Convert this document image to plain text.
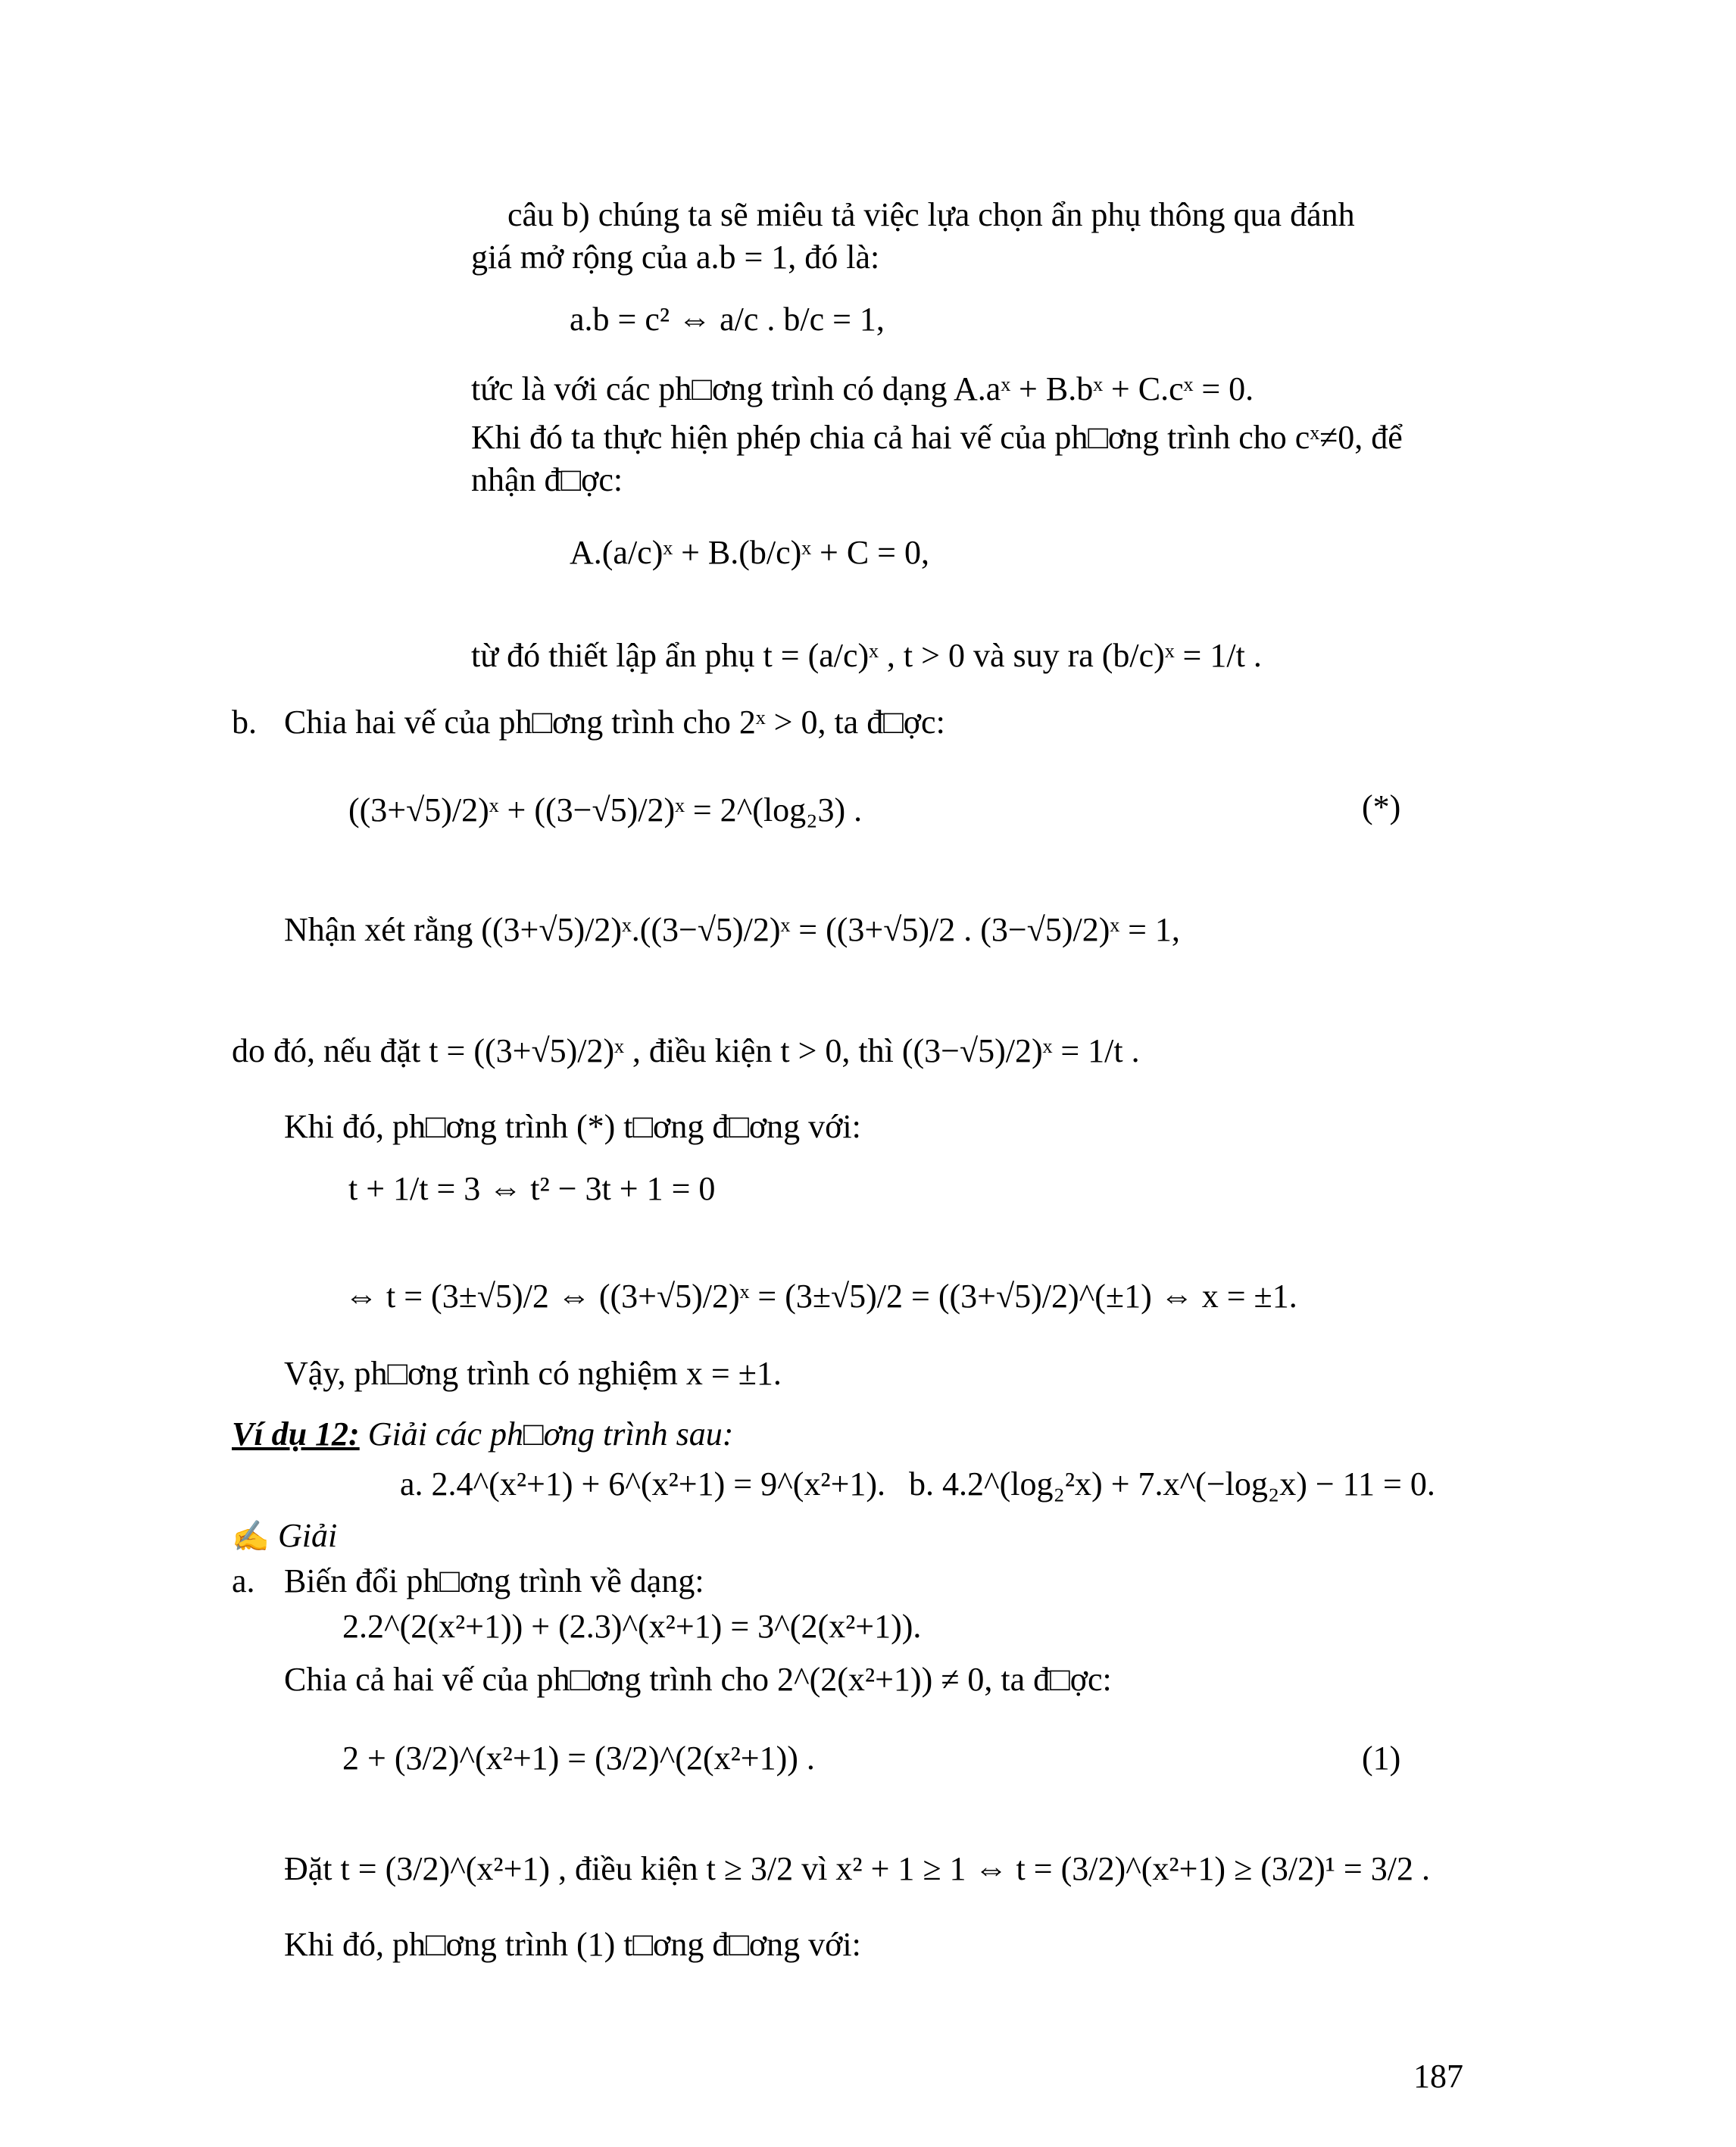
câu b) chúng ta sẽ miêu tả việc lựa chọn ẩn phụ thông qua đánh
giá mở rộng của a.b = 1, đó là:
a.b = c² ⇔ a/c . b/c = 1,
tức là với các ph□ơng trình có dạng A.aˣ + B.bˣ + C.cˣ = 0.
Khi đó ta thực hiện phép chia cả hai vế của ph□ơng trình cho cˣ≠0, để
nhận đ□ợc:
A.(a/c)ˣ + B.(b/c)ˣ + C = 0,
từ đó thiết lập ẩn phụ t = (a/c)ˣ , t > 0 và suy ra (b/c)ˣ = 1/t .
b. Chia hai vế của ph□ơng trình cho 2ˣ > 0, ta đ□ợc:
((3+√5)/2)ˣ + ((3−√5)/2)ˣ = 2^(log₂3) .	(*)
Nhận xét rằng ((3+√5)/2)ˣ.((3−√5)/2)ˣ = ((3+√5)/2 . (3−√5)/2)ˣ = 1,
do đó, nếu đặt t = ((3+√5)/2)ˣ , điều kiện t > 0, thì ((3−√5)/2)ˣ = 1/t .
Khi đó, ph□ơng trình (*) t□ơng đ□ơng với:
t + 1/t = 3 ⇔ t² − 3t + 1 = 0
⇔ t = (3±√5)/2 ⇔ ((3+√5)/2)ˣ = (3±√5)/2 = ((3+√5)/2)^(±1) ⇔ x = ±1.
Vậy, ph□ơng trình có nghiệm x = ±1.
Ví dụ 12: Giải các ph□ơng trình sau:
a. 2.4^(x²+1) + 6^(x²+1) = 9^(x²+1). b. 4.2^(log₂²x) + 7.x^(−log₂x) − 11 = 0.
✍ Giải
a. Biến đổi ph□ơng trình về dạng:
2.2^(2(x²+1)) + (2.3)^(x²+1) = 3^(2(x²+1)).
Chia cả hai vế của ph□ơng trình cho 2^(2(x²+1)) ≠ 0, ta đ□ợc:
2 + (3/2)^(x²+1) = (3/2)^(2(x²+1)) .	(1)
Đặt t = (3/2)^(x²+1) , điều kiện t ≥ 3/2 vì x² + 1 ≥ 1 ⇔ t = (3/2)^(x²+1) ≥ (3/2)¹ = 3/2 .
Khi đó, ph□ơng trình (1) t□ơng đ□ơng với:
187
